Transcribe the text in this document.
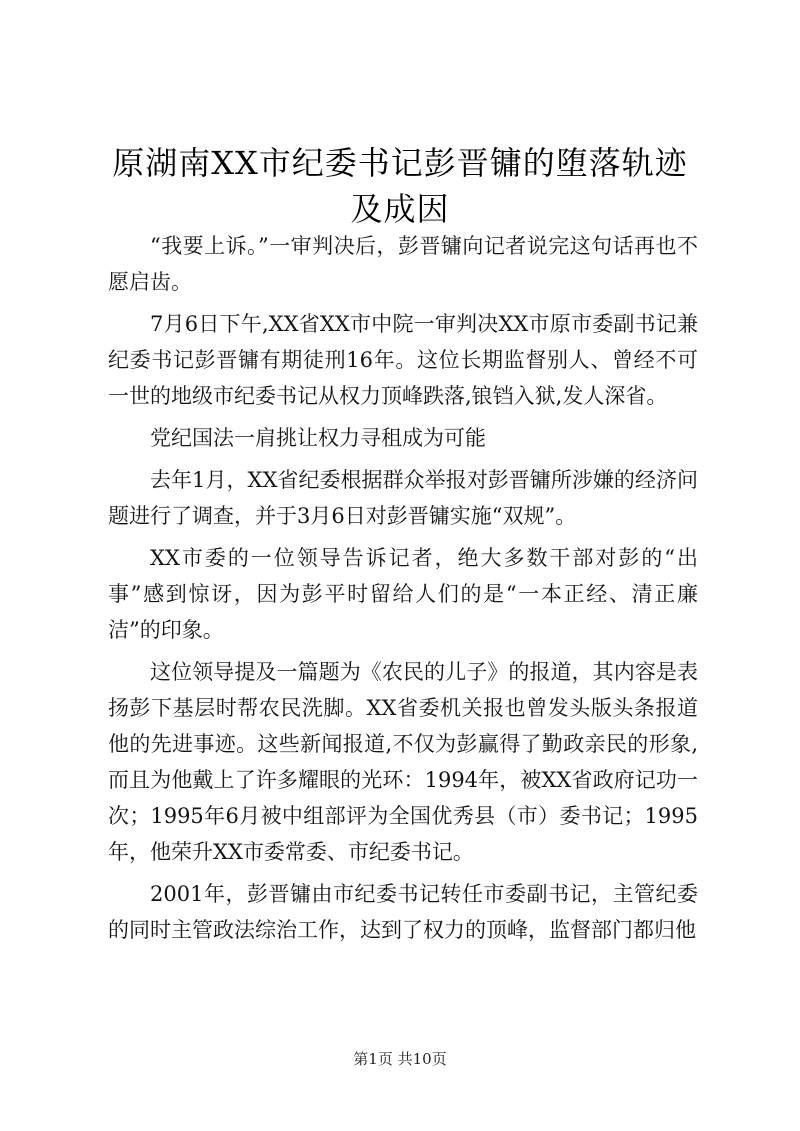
原湖南XX市纪委书记彭晋镛的堕落轨迹及成因

“我要上诉。”一审判决后，彭晋镛向记者说完这句话再也不愿启齿。

7月6日下午,XX省XX市中院一审判决XX市原市委副书记兼纪委书记彭晋镛有期徒刑16年。这位长期监督别人、曾经不可一世的地级市纪委书记从权力顶峰跌落,锒铛入狱,发人深省。

党纪国法一肩挑让权力寻租成为可能

去年1月，XX省纪委根据群众举报对彭晋镛所涉嫌的经济问题进行了调查，并于3月6日对彭晋镛实施“双规”。

XX市委的一位领导告诉记者，绝大多数干部对彭的“出事”感到惊讶，因为彭平时留给人们的是“一本正经、清正廉洁”的印象。

这位领导提及一篇题为《农民的儿子》的报道，其内容是表扬彭下基层时帮农民洗脚。XX省委机关报也曾发头版头条报道他的先进事迹。这些新闻报道,不仅为彭赢得了勤政亲民的形象,而且为他戴上了许多耀眼的光环：1994年，被XX省政府记功一次；1995年6月被中组部评为全国优秀县（市）委书记；1995年，他荣升XX市委常委、市纪委书记。

2001年，彭晋镛由市纪委书记转任市委副书记，主管纪委的同时主管政法综治工作，达到了权力的顶峰，监督部门都归他

第1页 共10页
